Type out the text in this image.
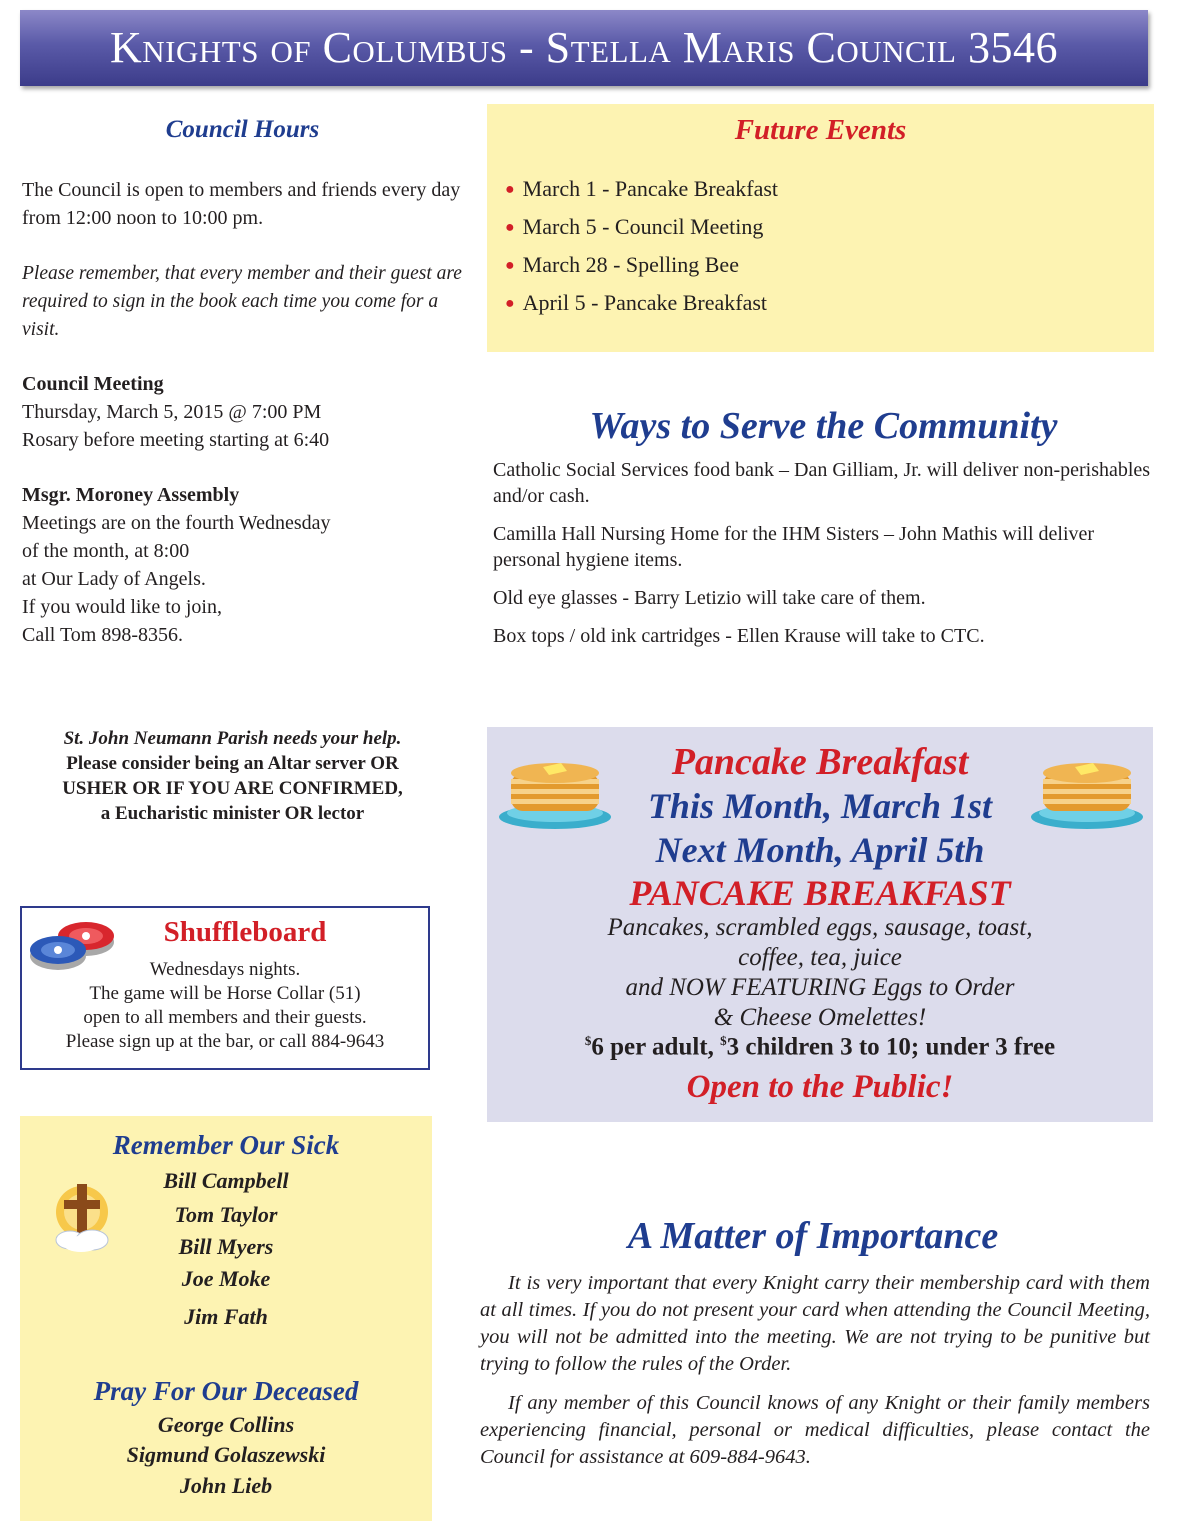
Knights of Columbus - Stella Maris Council 3546
Council Hours
The Council is open to members and friends every day from 12:00 noon to 10:00 pm.
Please remember, that every member and their guest are required to sign in the book each time you come for a visit.
Council Meeting
Thursday, March 5, 2015 @ 7:00 PM
Rosary before meeting starting at 6:40
Msgr. Moroney Assembly
Meetings are on the fourth Wednesday
of the month, at 8:00
at Our Lady of Angels.
If you would like to join,
Call Tom 898-8356.
Future Events
● March 1 - Pancake Breakfast
● March 5 - Council Meeting
● March 28 - Spelling Bee
● April 5 - Pancake Breakfast
Ways to Serve the Community

Catholic Social Services food bank – Dan Gilliam, Jr. will deliver non-perishables and/or cash.

Camilla Hall Nursing Home for the IHM Sisters – John Mathis will deliver personal hygiene items.

Old eye glasses - Barry Letizio will take care of them.

Box tops / old ink cartridges - Ellen Krause will take to CTC.

St. John Neumann Parish needs your help.
Please consider being an Altar server OR
USHER OR IF YOU ARE CONFIRMED,
a Eucharistic minister OR lector
Shuffleboard
Wednesdays nights.
The game will be Horse Collar (51)
open to all members and their guests.
Please sign up at the bar, or call 884-9643
Remember Our Sick
Bill Campbell
Tom Taylor
Bill Myers
Joe Moke
Jim Fath
Pray For Our Deceased
George Collins
Sigmund Golaszewski
John Lieb
Pancake Breakfast
This Month, March 1st
Next Month, April 5th
PANCAKE BREAKFAST
Pancakes, scrambled eggs, sausage, toast,
coffee, tea, juice
and NOW FEATURING Eggs to Order
& Cheese Omelettes!
$6 per adult, $3 children 3 to 10; under 3 free
Open to the Public!
A Matter of Importance

It is very important that every Knight carry their membership card with them at all times. If you do not present your card when attending the Council Meeting, you will not be admitted into the meeting. We are not trying to be punitive but trying to follow the rules of the Order.

If any member of this Council knows of any Knight or their family members experiencing financial, personal or medical difficulties, please contact the Council for assistance at 609-884-9643.
